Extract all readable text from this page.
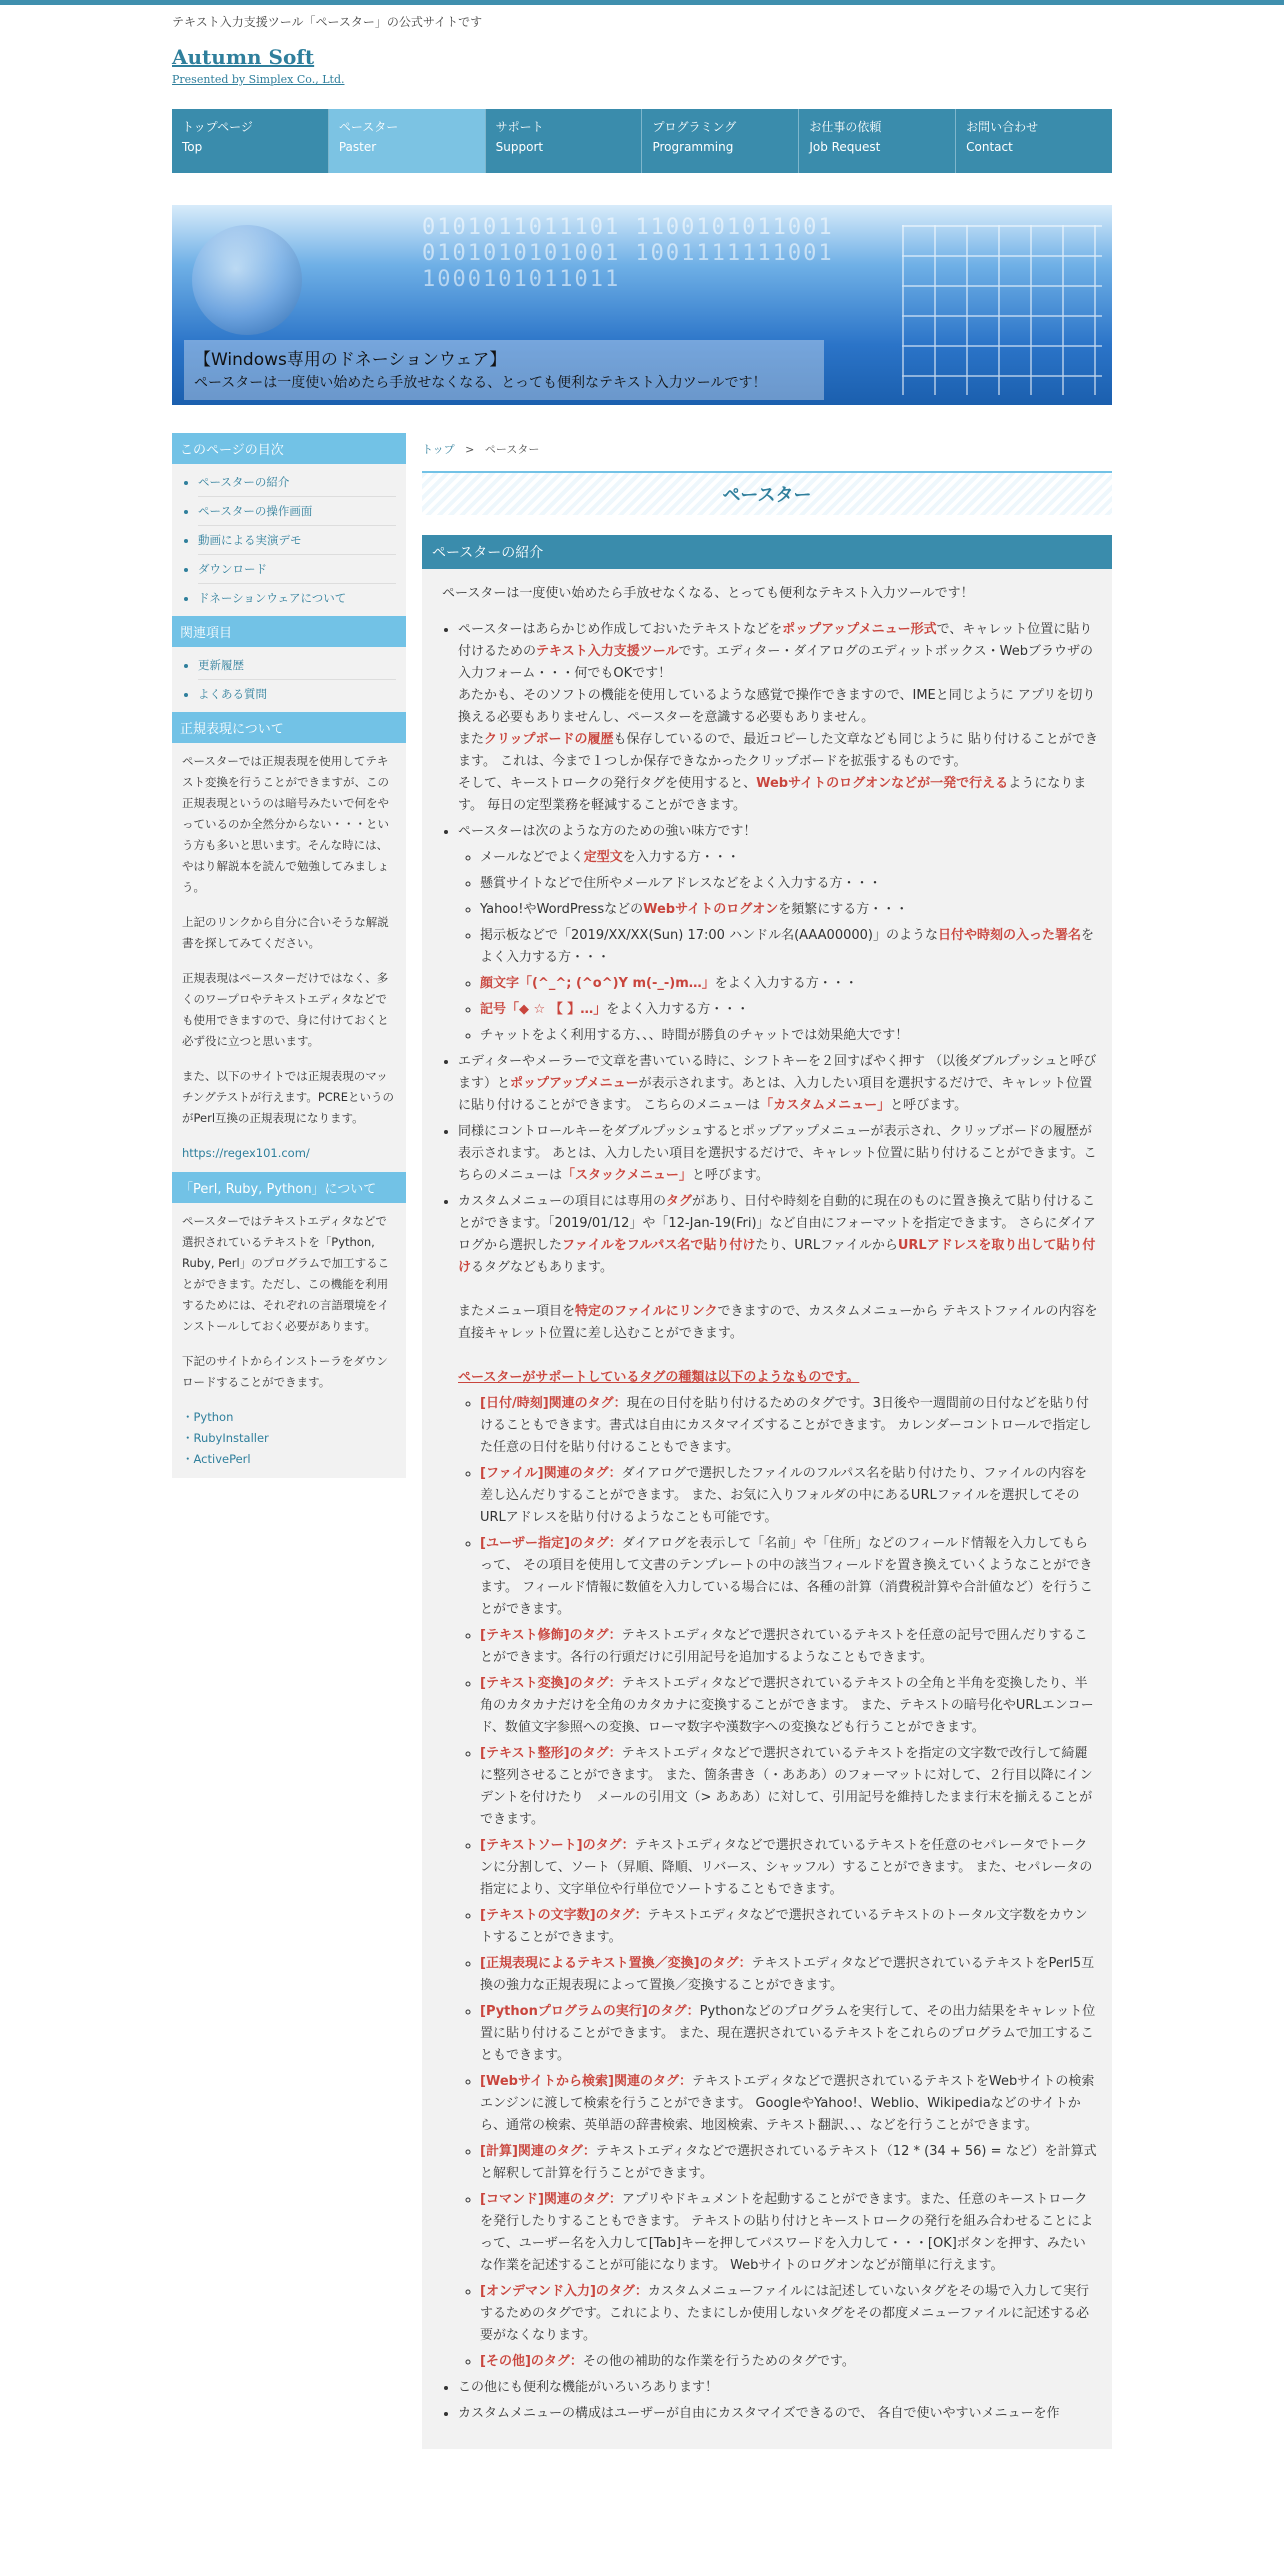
テキスト入力支援ツール「ペースター」の公式サイトです
Autumn Soft
Presented by Simplex Co., Ltd.
トップページ
Top
ペースター
Paster
サポート
Support
プログラミング
Programming
お仕事の依頼
Job Request
お問い合わせ
Contact
0101011011101 1100101011001 0101010101001 1001111111001 1000101011011
【Windows専用のドネーションウェア】
ペースターは一度使い始めたら手放せなくなる、とっても便利なテキスト入力ツールです！
このページの目次
• ペースターの紹介
• ペースターの操作画面
• 動画による実演デモ
• ダウンロード
• ドネーションウェアについて
関連項目
• 更新履歴
• よくある質問
正規表現について

ペースターでは正規表現を使用してテキスト変換を行うことができますが、この正規表現というのは暗号みたいで何をやっているのか全然分からない・・・という方も多いと思います。そんな時には、やはり解説本を読んで勉強してみましょう。

上記のリンクから自分に合いそうな解説書を探してみてください。

正規表現はペースターだけではなく、多くのワープロやテキストエディタなどでも使用できますので、身に付けておくと必ず役に立つと思います。

また、以下のサイトでは正規表現のマッチングテストが行えます。PCREというのがPerl互換の正規表現になります。

https://regex101.com/
「Perl, Ruby, Python」について

ペースターではテキストエディタなどで選択されているテキストを「Python, Ruby, Perl」のプログラムで加工することができます。ただし、この機能を利用するためには、それぞれの言語環境をインストールしておく必要があります。

下記のサイトからインストーラをダウンロードすることができます。

・Python
・RubyInstaller
・ActivePerl
トップ > ペースター
ペースター
ペースターの紹介
ペースターは一度使い始めたら手放せなくなる、とっても便利なテキスト入力ツールです！
• ペースターはあらかじめ作成しておいたテキストなどをポップアップメニュー形式で、キャレット位置に貼り付けるためのテキスト入力支援ツールです。エディター・ダイアログのエディットボックス・Webブラウザの入力フォーム・・・何でもOKです！
あたかも、そのソフトの機能を使用しているような感覚で操作できますので、IMEと同じように アプリを切り換える必要もありませんし、ペースターを意識する必要もありません。
またクリップボードの履歴も保存しているので、最近コピーした文章なども同じように 貼り付けることができます。 これは、今まで１つしか保存できなかったクリップボードを拡張するものです。
そして、キーストロークの発行タグを使用すると、Webサイトのログオンなどが一発で行えるようになります。 毎日の定型業務を軽減することができます。
• ペースターは次のような方のための強い味方です！
◦ メールなどでよく定型文を入力する方・・・
◦ 懸賞サイトなどで住所やメールアドレスなどをよく入力する方・・・
◦ Yahoo!やWordPressなどのWebサイトのログオンを頻繁にする方・・・
◦ 掲示板などで「2019/XX/XX(Sun) 17:00 ハンドル名(AAA00000)」のような日付や時刻の入った署名をよく入力する方・・・
◦ 顔文字「(^_^; (^o^)Y m(-_-)m…」をよく入力する方・・・
◦ 記号「◆ ☆ 【 】…」をよく入力する方・・・
◦ チャットをよく利用する方、、、時間が勝負のチャットでは効果絶大です！
• エディターやメーラーで文章を書いている時に、シフトキーを２回すばやく押す （以後ダブルプッシュと呼びます）とポップアップメニューが表示されます。あとは、入力したい項目を選択するだけで、キャレット位置に貼り付けることができます。 こちらのメニューは「カスタムメニュー」と呼びます。
• 同様にコントロールキーをダブルプッシュするとポップアップメニューが表示され、クリップボードの履歴が表示されます。 あとは、入力したい項目を選択するだけで、キャレット位置に貼り付けることができます。こちらのメニューは「スタックメニュー」と呼びます。
• カスタムメニューの項目には専用のタグがあり、日付や時刻を自動的に現在のものに置き換えて貼り付けることができます。「2019/01/12」や「12-Jan-19(Fri)」など自由にフォーマットを指定できます。 さらにダイアログから選択したファイルをフルパス名で貼り付けたり、URLファイルからURLアドレスを取り出して貼り付けるタグなどもあります。

またメニュー項目を特定のファイルにリンクできますので、カスタムメニューから テキストファイルの内容を直接キャレット位置に差し込むことができます。

ペースターがサポートしているタグの種類は以下のようなものです。
◦ [日付/時刻]関連のタグ：現在の日付を貼り付けるためのタグです。3日後や一週間前の日付などを貼り付けることもできます。書式は自由にカスタマイズすることができます。 カレンダーコントロールで指定した任意の日付を貼り付けることもできます。
◦ [ファイル]関連のタグ：ダイアログで選択したファイルのフルパス名を貼り付けたり、ファイルの内容を差し込んだりすることができます。 また、お気に入りフォルダの中にあるURLファイルを選択してそのURLアドレスを貼り付けるようなことも可能です。
◦ [ユーザー指定]のタグ：ダイアログを表示して「名前」や「住所」などのフィールド情報を入力してもらって、 その項目を使用して文書のテンプレートの中の該当フィールドを置き換えていくようなことができます。 フィールド情報に数値を入力している場合には、各種の計算（消費税計算や合計値など）を行うことができます。
◦ [テキスト修飾]のタグ：テキストエディタなどで選択されているテキストを任意の記号で囲んだりすることができます。各行の行頭だけに引用記号を追加するようなこともできます。
◦ [テキスト変換]のタグ：テキストエディタなどで選択されているテキストの全角と半角を変換したり、半角のカタカナだけを全角のカタカナに変換することができます。 また、テキストの暗号化やURLエンコード、数値文字参照への変換、ローマ数字や漢数字への変換なども行うことができます。
◦ [テキスト整形]のタグ：テキストエディタなどで選択されているテキストを指定の文字数で改行して綺麗に整列させることができます。 また、箇条書き（・あああ）のフォーマットに対して、２行目以降にインデントを付けたり　メールの引用文（> あああ）に対して、引用記号を維持したまま行末を揃えることができます。
◦ [テキストソート]のタグ：テキストエディタなどで選択されているテキストを任意のセパレータでトークンに分割して、ソート（昇順、降順、リバース、シャッフル）することができます。 また、セパレータの指定により、文字単位や行単位でソートすることもできます。
◦ [テキストの文字数]のタグ：テキストエディタなどで選択されているテキストのトータル文字数をカウントすることができます。
◦ [正規表現によるテキスト置換／変換]のタグ：テキストエディタなどで選択されているテキストをPerl5互換の強力な正規表現によって置換／変換することができます。
◦ [Pythonプログラムの実行]のタグ：Pythonなどのプログラムを実行して、その出力結果をキャレット位置に貼り付けることができます。 また、現在選択されているテキストをこれらのプログラムで加工することもできます。
◦ [Webサイトから検索]関連のタグ：テキストエディタなどで選択されているテキストをWebサイトの検索エンジンに渡して検索を行うことができます。 GoogleやYahoo!、Weblio、Wikipediaなどのサイトから、通常の検索、英単語の辞書検索、地図検索、テキスト翻訳、、、などを行うことができます。
◦ [計算]関連のタグ：テキストエディタなどで選択されているテキスト（12 * (34 + 56) = など）を計算式と解釈して計算を行うことができます。
◦ [コマンド]関連のタグ：アプリやドキュメントを起動することができます。また、任意のキーストロークを発行したりすることもできます。 テキストの貼り付けとキーストロークの発行を組み合わせることによって、ユーザー名を入力して[Tab]キーを押してパスワードを入力して・・・[OK]ボタンを押す、みたいな作業を記述することが可能になります。 Webサイトのログオンなどが簡単に行えます。
◦ [オンデマンド入力]のタグ：カスタムメニューファイルには記述していないタグをその場で入力して実行するためのタグです。これにより、たまにしか使用しないタグをその都度メニューファイルに記述する必要がなくなります。
◦ [その他]のタグ：その他の補助的な作業を行うためのタグです。
• この他にも便利な機能がいろいろあります！
• カスタムメニューの構成はユーザーが自由にカスタマイズできるので、 各自で使いやすいメニューを作
